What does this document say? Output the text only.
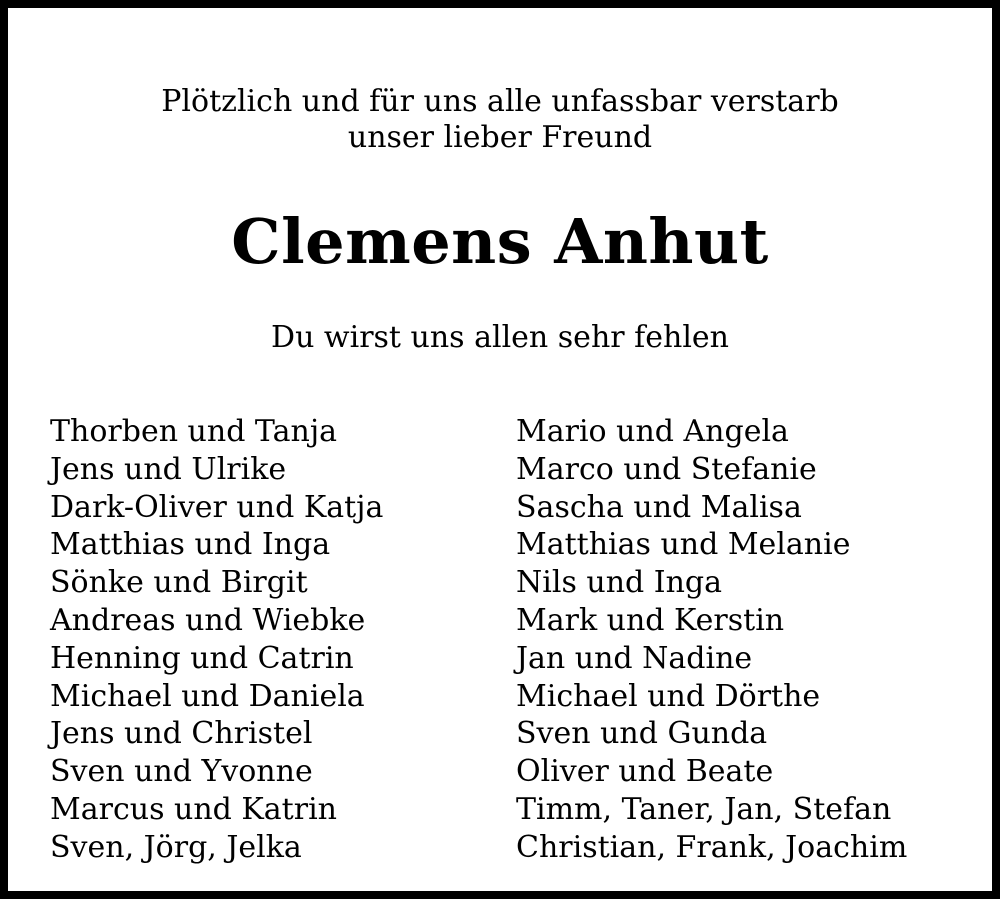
Plötzlich und für uns alle unfassbar verstarb
unser lieber Freund
Clemens Anhut
Du wirst uns allen sehr fehlen
Thorben und Tanja
Jens und Ulrike
Dark-Oliver und Katja
Matthias und Inga
Sönke und Birgit
Andreas und Wiebke
Henning und Catrin
Michael und Daniela
Jens und Christel
Sven und Yvonne
Marcus und Katrin
Sven, Jörg, Jelka
Mario und Angela
Marco und Stefanie
Sascha und Malisa
Matthias und Melanie
Nils und Inga
Mark und Kerstin
Jan und Nadine
Michael und Dörthe
Sven und Gunda
Oliver und Beate
Timm, Taner, Jan, Stefan
Christian, Frank, Joachim
